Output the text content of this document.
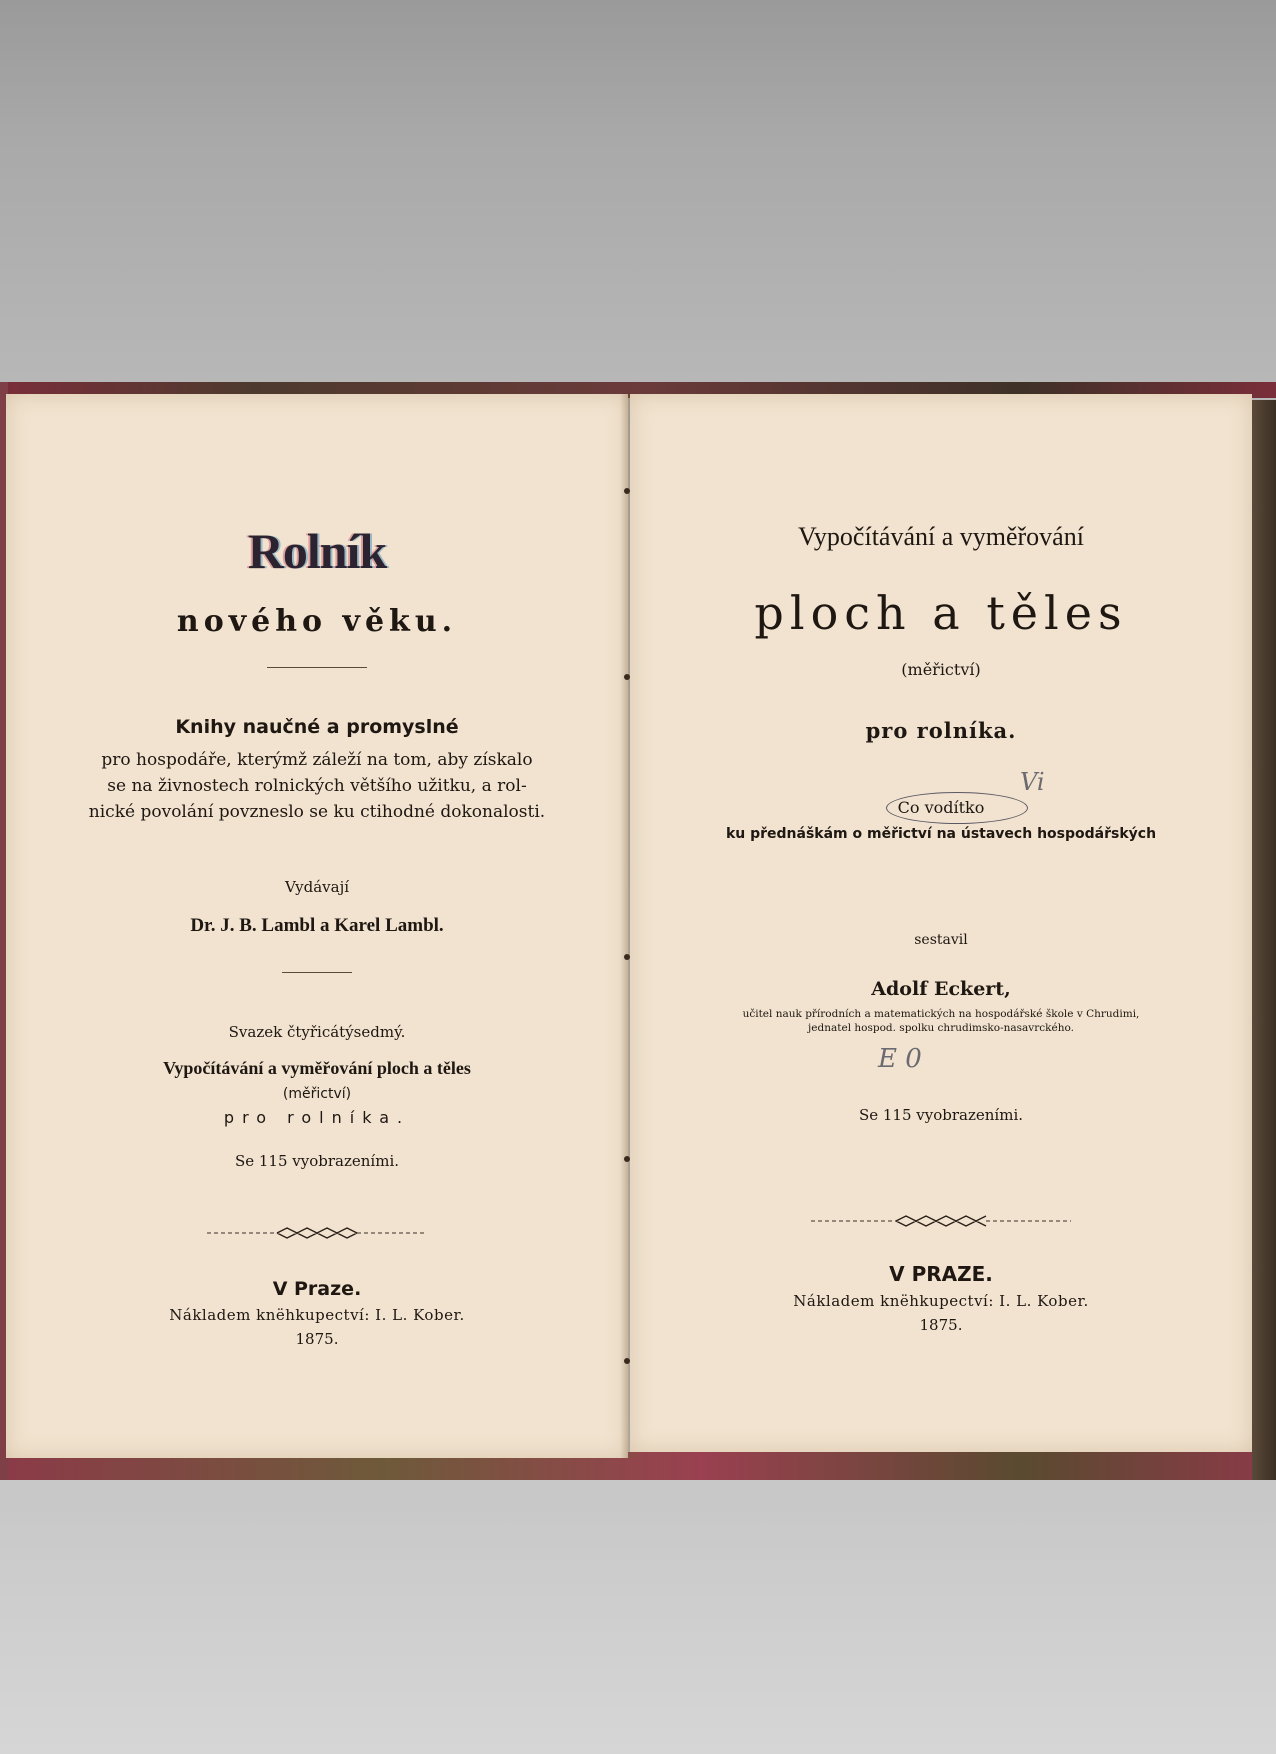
Rolník
nového věku.
Knihy naučné a promyslné
pro hospodáře, kterýmž záleží na tom, aby získalo
se na živnostech rolnických většího užitku, a rol-
nické povolání povzneslo se ku ctihodné dokonalosti.
Vydávají
Dr. J. B. Lambl a Karel Lambl.
Svazek čtyřicátýsedmý.
Vypočítávání a vyměřování ploch a těles
(měřictví)
pro rolníka.
Se 115 vyobrazeními.
V Praze.
Nákladem knëhkupectví: I. L. Kober.
1875.
Vypočítávání a vyměřování
ploch a těles
(měřictví)
pro rolníka.
Co vodítko
ku přednáškám o měřictví na ústavech hospodářských
Vi
sestavil
Adolf Eckert,
učitel nauk přírodních a matematických na hospodářské škole v Chrudimi,
jednatel hospod. spolku chrudimsko-nasavrckého.
E 0
Se 115 vyobrazeními.
V PRAZE.
Nákladem knëhkupectví: I. L. Kober.
1875.
